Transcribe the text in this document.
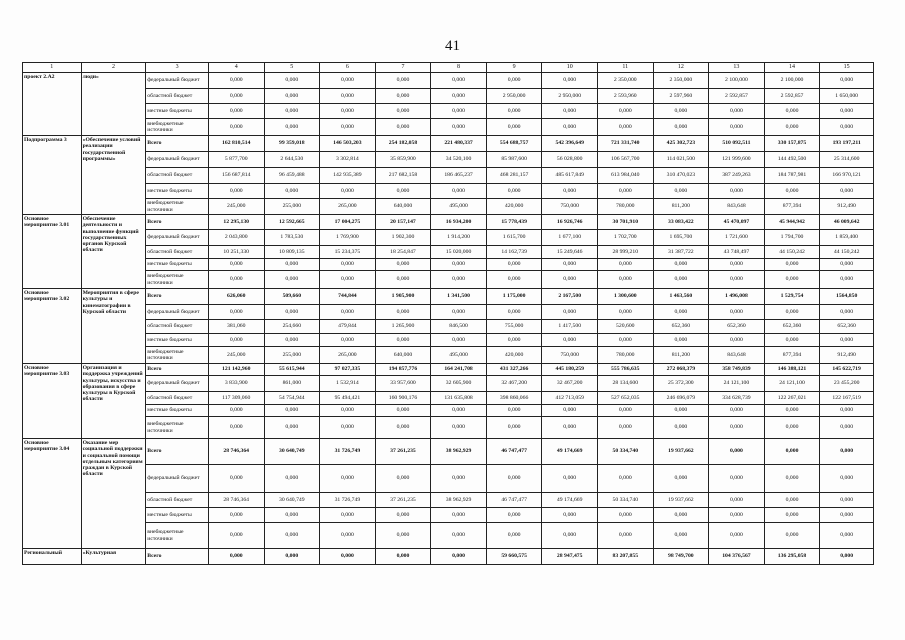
41
1	2	3	4	5	6	7	8	9	10	11	12	13	14	15
проект 2.А2	люди»	федеральный бюджет	0,000	0,000	0,000	0,000	0,000	0,000	0,000	2 350,000	2 350,000	2 100,000	2 100,000	0,000
		областной бюджет	0,000	0,000	0,000	0,000	0,000	2 950,000	2 950,000	2 593,960	2 597,960	2 592,857	2 592,857	1 650,000
		местные бюджеты	0,000	0,000	0,000	0,000	0,000	0,000	0,000	0,000	0,000	0,000	0,000	0,000
		внебюджетные источники	0,000	0,000	0,000	0,000	0,000	0,000	0,000	0,000	0,000	0,000	0,000	0,000
Подпрограмма 3	«Обеспечение условий реализации государственной программы»	Всего	162 810,514	99 359,018	146 503,203	254 182,058	221 480,337	554 688,757	542 396,649	721 331,740	425 302,723	510 092,511	330 157,875	193 197,211
		федеральный бюджет	5 877,700	2 644,530	3 302,814	35 859,900	34 520,100	85 987,600	56 028,800	106 567,700	114 021,500	121 999,600	144 492,500	25 314,600
		областной бюджет	156 687,814	96 459,488	142 935,389	217 682,158	186 465,237	468 281,157	485 617,849	613 984,040	310 470,023	387 249,263	184 787,981	166 970,121
		местные бюджеты	0,000	0,000	0,000	0,000	0,000	0,000	0,000	0,000	0,000	0,000	0,000	0,000
		внебюджетные источники	245,000	255,000	265,000	640,000	495,000	420,000	750,000	780,000	811,200	843,648	877,394	912,490
Основное мероприятие 3.01	Обеспечение деятельности и выполнение функций государственных органов Курской области	Всего	12 295,130	12 592,665	17 004,275	20 157,147	16 934,200	15 778,439	16 926,746	30 701,910	33 083,422	45 470,097	45 944,942	46 009,642
		федеральный бюджет	2 043,800	1 783,530	1 769,900	1 902,300	1 914,200	1 615,700	1 677,100	1 702,700	1 695,700	1 721,600	1 794,700	1 859,400
		областной бюджет	10 251,330	10 809,135	15 234,375	18 254,847	15 020,000	14 162,739	15 249,646	28 999,210	31 387,722	43 748,497	44 150,242	44 150,242
		местные бюджеты	0,000	0,000	0,000	0,000	0,000	0,000	0,000	0,000	0,000	0,000	0,000	0,000
		внебюджетные источники	0,000	0,000	0,000	0,000	0,000	0,000	0,000	0,000	0,000	0,000	0,000	0,000
Основное мероприятие 3.02	Мероприятия в сфере культуры и кинематографии в Курской области	Всего	626,060	509,660	744,844	1 905,900	1 341,500	1 175,000	2 167,500	1 300,600	1 463,560	1 496,008	1 529,754	1564,850
		федеральный бюджет	0,000	0,000	0,000	0,000	0,000	0,000	0,000	0,000	0,000	0,000	0,000	0,000
		областной бюджет	381,060	254,660	479,844	1 265,900	846,500	755,000	1 417,500	520,600	652,360	652,360	652,360	652,360
		местные бюджеты	0,000	0,000	0,000	0,000	0,000	0,000	0,000	0,000	0,000	0,000	0,000	0,000
		внебюджетные источники	245,000	255,000	265,000	640,000	495,000	420,000	750,000	780,000	811,200	843,648	877,394	912,490
Основное мероприятие 3.03	Организация и поддержка учреждений культуры, искусства и образования в сфере культуры в Курской области	Всего	121 142,960	55 615,944	97 027,335	194 857,776	164 241,708	431 327,266	445 180,259	555 786,635	272 068,379	358 749,839	146 388,121	145 622,719
		федеральный бюджет	3 833,900	861,000	1 532,914	33 957,600	32 605,900	32 467,200	32 467,200	28 134,600	25 372,300	24 121,100	24 121,100	23 455,200
		областной бюджет	117 309,060	54 754,944	95 494,421	160 900,176	131 635,808	398 860,066	412 713,059	527 652,035	246 696,079	334 628,739	122 267,021	122 167,519
		местные бюджеты	0,000	0,000	0,000	0,000	0,000	0,000	0,000	0,000	0,000	0,000	0,000	0,000
		внебюджетные источники	0,000	0,000	0,000	0,000	0,000	0,000	0,000	0,000	0,000	0,000	0,000	0,000
Основное мероприятие 3.04	Оказание мер социальной поддержки и социальной помощи отдельным категориям граждан в Курской области	Всего	28 746,364	30 640,749	31 726,749	37 261,235	38 962,929	46 747,477	49 174,669	50 334,740	19 937,662	0,000	0,000	0,000
		федеральный бюджет	0,000	0,000	0,000	0,000	0,000	0,000	0,000	0,000	0,000	0,000	0,000	0,000
		областной бюджет	28 746,364	30 640,749	31 726,749	37 261,235	38 962,929	46 747,477	49 174,669	50 334,740	19 937,662	0,000	0,000	0,000
		местные бюджеты	0,000	0,000	0,000	0,000	0,000	0,000	0,000	0,000	0,000	0,000	0,000	0,000
		внебюджетные источники	0,000	0,000	0,000	0,000	0,000	0,000	0,000	0,000	0,000	0,000	0,000	0,000
Региональный	«Культурная	Всего	0,000	0,000	0,000	0,000	0,000	59 660,575	28 947,475	83 207,855	98 749,700	104 376,567	136 295,058	0,000
